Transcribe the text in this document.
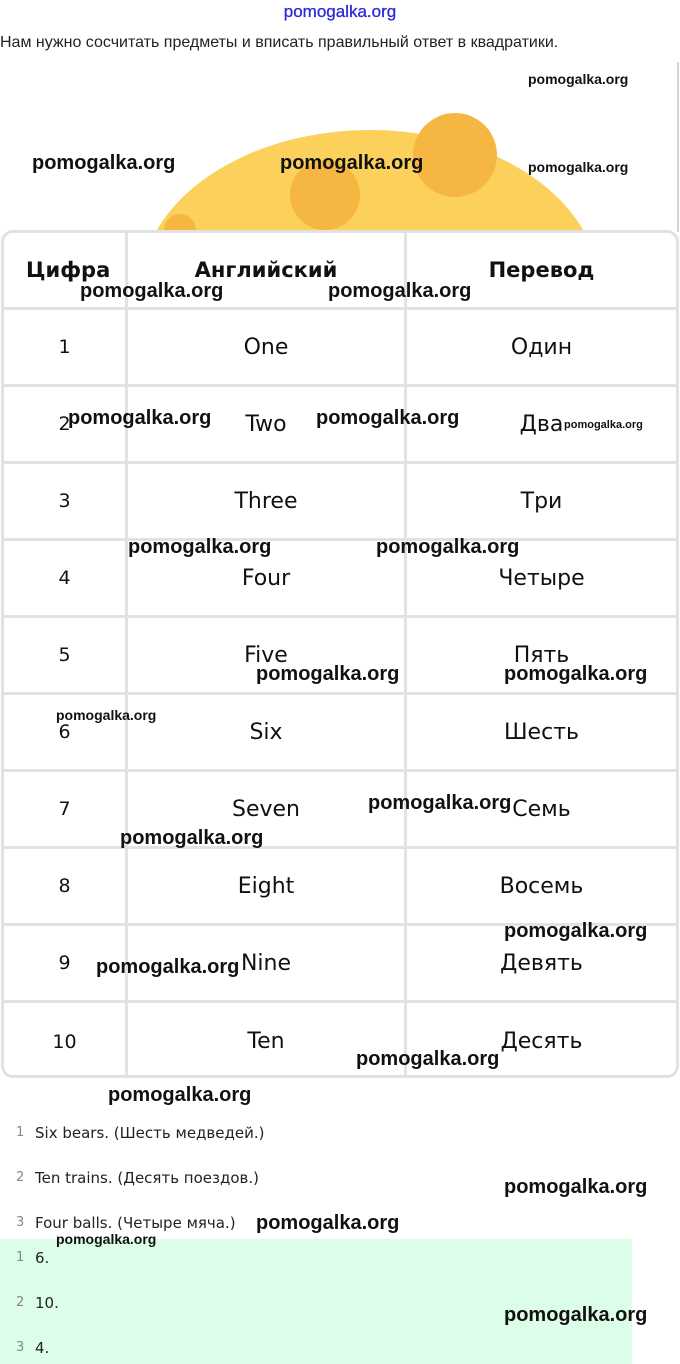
pomogalka.org
Нам нужно сосчитать предметы и вписать правильный ответ в квадратики.
Цифра	Английский	Перевод
1	One	Один
2	Two	Два
3	Three	Три
4	Four	Четыре
5	Five	Пять
6	Six	Шесть
7	Seven	Семь
8	Eight	Восемь
9	Nine	Девять
10	Ten	Десять
1 Six bears. (Шесть медведей.)
2 Ten trains. (Десять поездов.)
3 Four balls. (Четыре мяча.)
1 6.
2 10.
3 4.
pomogalka.org
pomogalka.org	pomogalka.org	pomogalka.org
pomogalka.org	pomogalka.org
pomogalka.org	pomogalka.org	pomogalka.org
pomogalka.org	pomogalka.org
pomogalka.org	pomogalka.org
pomogalka.org
pomogalka.org
pomogalka.org
pomogalka.org
pomogalka.org
pomogalka.org
pomogalka.org
pomogalka.org
pomogalka.org
pomogalka.org
pomogalka.org
